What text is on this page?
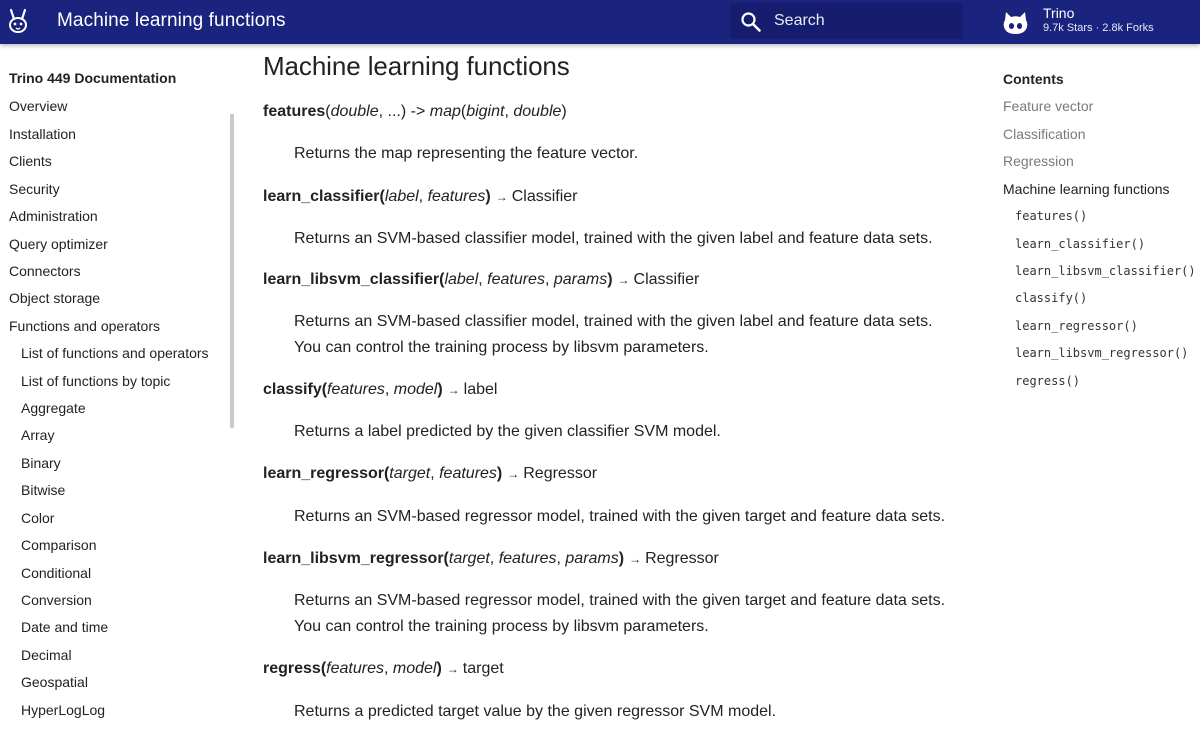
Machine learning functions	Search	Trino
9.7k Stars · 2.8k Forks
Trino 449 Documentation
Overview
Installation
Clients
Security
Administration
Query optimizer
Connectors
Object storage
Functions and operators
List of functions and operators
List of functions by topic
Aggregate
Array
Binary
Bitwise
Color
Comparison
Conditional
Conversion
Date and time
Decimal
Geospatial
HyperLogLog
Machine learning functions
features(double, ...) -> map(bigint, double)
Returns the map representing the feature vector.
learn_classifier(label, features) → Classifier
Returns an SVM-based classifier model, trained with the given label and feature data sets.
learn_libsvm_classifier(label, features, params) → Classifier
Returns an SVM-based classifier model, trained with the given label and feature data sets.
You can control the training process by libsvm parameters.
classify(features, model) → label
Returns a label predicted by the given classifier SVM model.
learn_regressor(target, features) → Regressor
Returns an SVM-based regressor model, trained with the given target and feature data sets.
learn_libsvm_regressor(target, features, params) → Regressor
Returns an SVM-based regressor model, trained with the given target and feature data sets.
You can control the training process by libsvm parameters.
regress(features, model) → target
Returns a predicted target value by the given regressor SVM model.
Contents
Feature vector
Classification
Regression
Machine learning functions
features()
learn_classifier()
learn_libsvm_classifier()
classify()
learn_regressor()
learn_libsvm_regressor()
regress()
